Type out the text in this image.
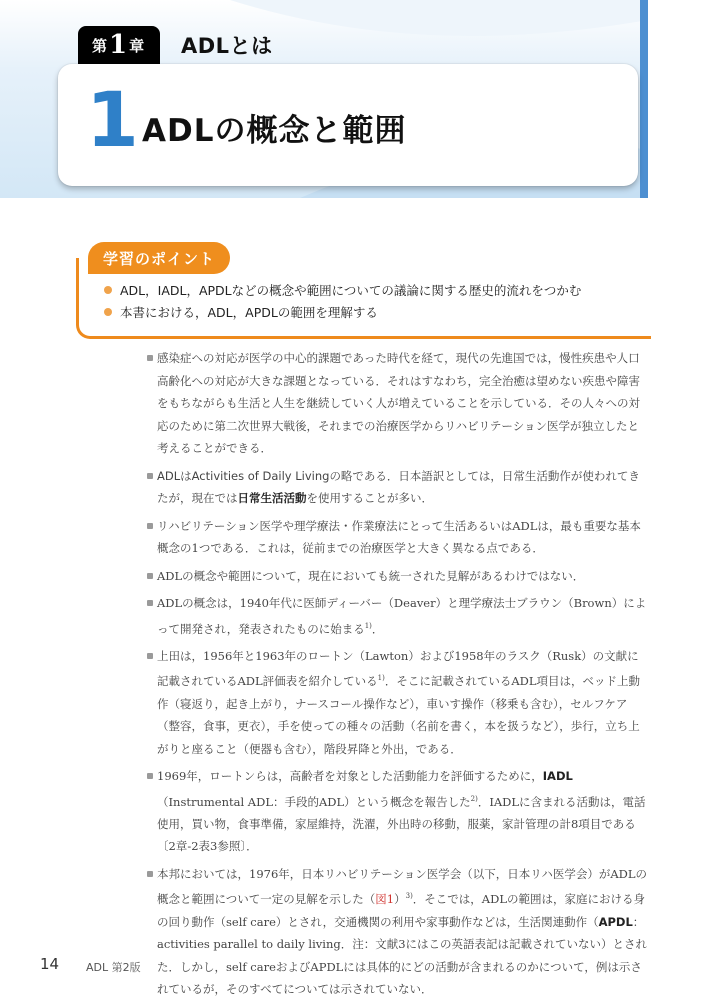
第 1 章 ADLとは
1 ADLの概念と範囲
学習のポイント
ADL，IADL，APDLなどの概念や範囲についての議論に関する歴史的流れをつかむ
本書における，ADL，APDLの範囲を理解する
感染症への対応が医学の中心的課題であった時代を経て，現代の先進国では，慢性疾患や人口高齢化への対応が大きな課題となっている．それはすなわち，完全治癒は望めない疾患や障害をもちながらも生活と人生を継続していく人が増えていることを示している．その人々への対応のために第二次世界大戦後，それまでの治療医学からリハビリテーション医学が独立したと考えることができる．
ADLはActivities of Daily Livingの略である．日本語訳としては，日常生活動作が使われてきたが，現在では日常生活活動を使用することが多い．
リハビリテーション医学や理学療法・作業療法にとって生活あるいはADLは，最も重要な基本概念の1つである．これは，従前までの治療医学と大きく異なる点である．
ADLの概念や範囲について，現在においても統一された見解があるわけではない．
ADLの概念は，1940年代に医師ディーバー（Deaver）と理学療法士ブラウン（Brown）によって開発され，発表されたものに始まる$^{1)}$．
上田は，1956年と1963年のロートン（Lawton）および1958年のラスク（Rusk）の文献に記載されているADL評価表を紹介している$^{1)}$．そこに記載されているADL項目は，ベッド上動作（寝返り，起き上がり，ナースコール操作など），車いす操作（移乗も含む），セルフケア（整容，食事，更衣），手を使っての種々の活動（名前を書く，本を扱うなど），歩行，立ち上がりと座ること（便器も含む），階段昇降と外出，である．
1969年，ロートンらは，高齢者を対象とした活動能力を評価するために，IADL（Instrumental ADL：手段的ADL）という概念を報告した$^{2)}$．IADLに含まれる活動は，電話使用，買い物，食事準備，家屋維持，洗濯，外出時の移動，服薬，家計管理の計8項目である〔2章-2表3参照〕．
本邦においては，1976年，日本リハビリテーション医学会（以下，日本リハ医学会）がADLの概念と範囲について一定の見解を示した（図1）$^{3)}$．そこでは，ADLの範囲は，家庭における身の回り動作（self care）とされ，交通機関の利用や家事動作などは，生活関連動作（APDL：activities parallel to daily living．注：文献3にはこの英語表記は記載されていない）とされた．しかし，self careおよびAPDLには具体的にどの活動が含まれるのかについて，例は示されているが，そのすべてについては示されていない．
14 ADL 第2版
